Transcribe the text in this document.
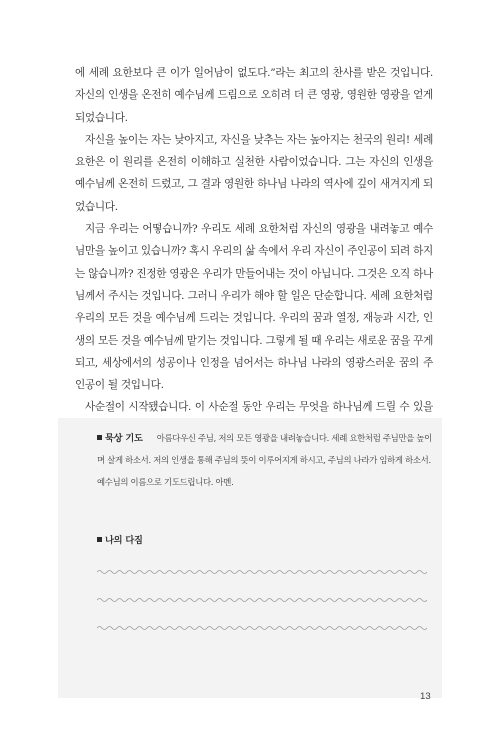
에 세례 요한보다 큰 이가 일어남이 없도다.”라는 최고의 찬사를 받은 것입니다. 자신의 인생을 온전히 예수님께 드림으로 오히려 더 큰 영광, 영원한 영광을 얻게 되었습니다.

자신을 높이는 자는 낮아지고, 자신을 낮추는 자는 높아지는 천국의 원리! 세례 요한은 이 원리를 온전히 이해하고 실천한 사람이었습니다. 그는 자신의 인생을 예수님께 온전히 드렸고, 그 결과 영원한 하나님 나라의 역사에 깊이 새겨지게 되었습니다.

지금 우리는 어떻습니까? 우리도 세례 요한처럼 자신의 영광을 내려놓고 예수님만을 높이고 있습니까? 혹시 우리의 삶 속에서 우리 자신이 주인공이 되려 하지는 않습니까? 진정한 영광은 우리가 만들어내는 것이 아닙니다. 그것은 오직 하나님께서 주시는 것입니다. 그러니 우리가 해야 할 일은 단순합니다. 세례 요한처럼 우리의 모든 것을 예수님께 드리는 것입니다. 우리의 꿈과 열정, 재능과 시간, 인생의 모든 것을 예수님께 맡기는 것입니다. 그렇게 될 때 우리는 새로운 꿈을 꾸게 되고, 세상에서의 성공이나 인정을 넘어서는 하나님 나라의 영광스러운 꿈의 주인공이 될 것입니다.

사순절이 시작됐습니다. 이 사순절 동안 우리는 무엇을 하나님께 드릴 수 있을

묵상 기도 아름다우신 주님, 저의 모든 영광을 내려놓습니다. 세례 요한처럼 주님만을 높이며 살게 하소서. 저의 인생을 통해 주님의 뜻이 이루어지게 하시고, 주님의 나라가 임하게 하소서. 예수님의 이름으로 기도드립니다. 아멘.
나의 다짐
13
